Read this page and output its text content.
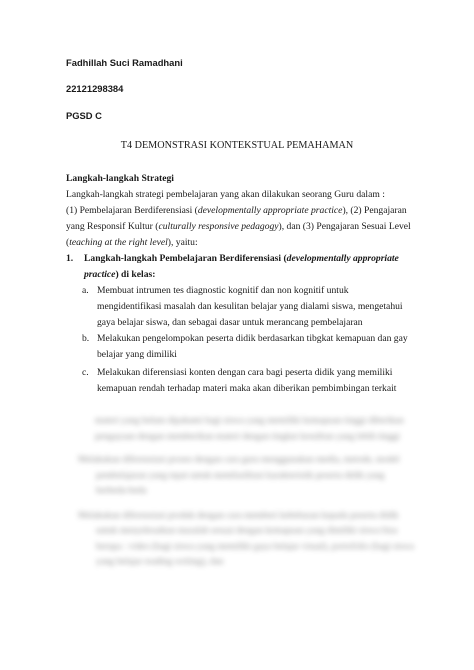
Fadhillah Suci Ramadhani
22121298384
PGSD C
T4 DEMONSTRASI KONTEKSTUAL PEMAHAMAN
Langkah-langkah Strategi
Langkah-langkah strategi pembelajaran yang akan dilakukan seorang Guru dalam :
(1) Pembelajaran Berdiferensiasi (developmentally appropriate practice), (2) Pengajaran
yang Responsif Kultur (culturally responsive pedagogy), dan (3) Pengajaran Sesuai Level
(teaching at the right level), yaitu:
1. Langkah-langkah Pembelajaran Berdiferensiasi (developmentally appropriate
practice) di kelas:
a. Membuat intrumen tes diagnostic kognitif dan non kognitif untuk
mengidentifikasi masalah dan kesulitan belajar yang dialami siswa, mengetahui
gaya belajar siswa, dan sebagai dasar untuk merancang pembelajaran
b. Melakukan pengelompokan peserta didik berdasarkan tibgkat kemapuan dan gay
belajar yang dimiliki
c. Melakukan diferensiasi konten dengan cara bagi peserta didik yang memiliki
kemapuan rendah terhadap materi maka akan diberikan pembimbingan terkait
materi yang belum dipahami bagi siswa yang memiliki kemapuan tinggi diberikan pengayaan dengan memberikan materi dengan tingkat kesulitan yang lebih tinggi
Melakukan diferensiasi proses dengan cara guru menggunakan media, metode, model pembelajaran yang tepat untuk memfasilitasi karakteristik peserta didik yang berbeda-beda
Melakukan diferensiasi produk dengan cara memberi kebebasan kepada peserta didik untuk menyelesaikan masalah sesuai dengan kemapuan yang dimiliki siswa bisa berupa : video (bagi siswa yang memiliki gaya belajar visual), portofolio (bagi siswa yang belajar reading writing), dan
